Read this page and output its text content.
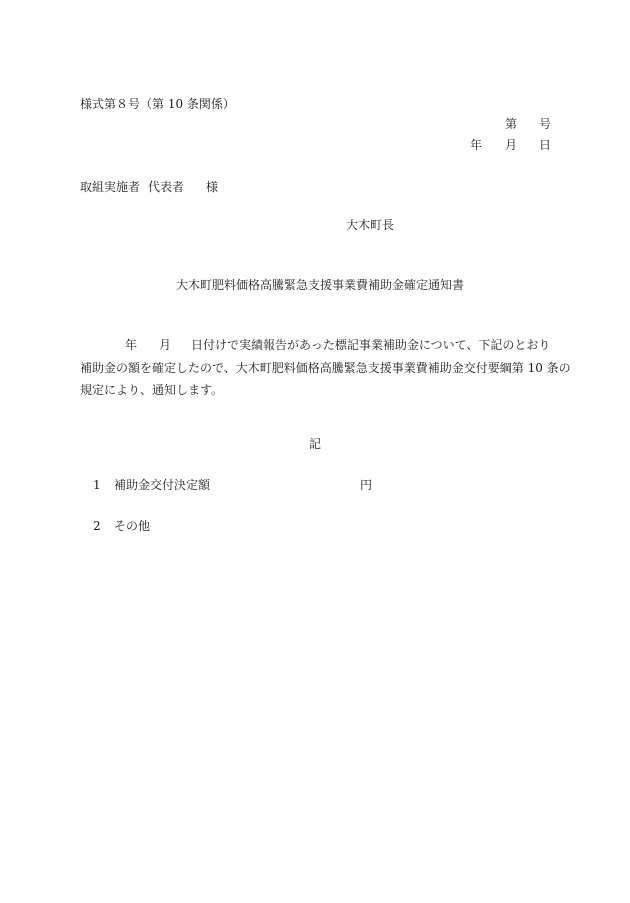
様式第８号（第 10 条関係）
第 号
年 月 日
取組実施者 代表者 様
大木町長
大木町肥料価格高騰緊急支援事業費補助金確定通知書
年 月 日付けで実績報告があった標記事業補助金について、下記のとおり
補助金の額を確定したので、大木町肥料価格高騰緊急支援事業費補助金交付要綱第 10 条の
規定により、通知します。
記
1 補助金交付決定額	円
2 その他
